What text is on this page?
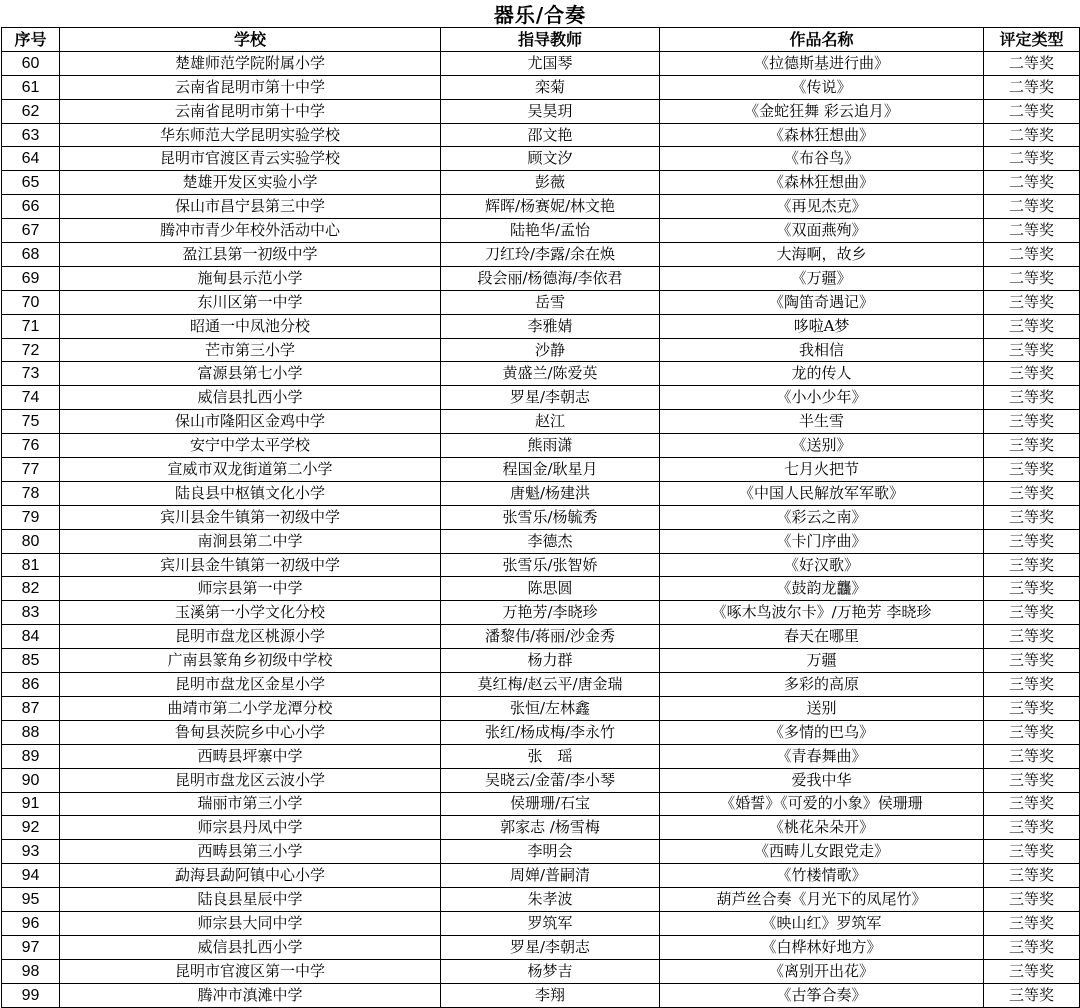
器乐/合奏
序号	学校	指导教师	作品名称	评定类型
60	楚雄师范学院附属小学	尤国琴	《拉德斯基进行曲》	二等奖
61	云南省昆明市第十中学	栾菊	《传说》	二等奖
62	云南省昆明市第十中学	吴昊玥	《金蛇狂舞 彩云追月》	二等奖
63	华东师范大学昆明实验学校	邵文艳	《森林狂想曲》	二等奖
64	昆明市官渡区青云实验学校	顾文汐	《布谷鸟》	二等奖
65	楚雄开发区实验小学	彭薇	《森林狂想曲》	二等奖
66	保山市昌宁县第三中学	辉晖/杨赛妮/林文艳	《再见杰克》	二等奖
67	腾冲市青少年校外活动中心	陆艳华/孟怡	《双面燕殉》	二等奖
68	盈江县第一初级中学	刀红玲/李露/余在焕	大海啊，故乡	二等奖
69	施甸县示范小学	段会丽/杨德海/李依君	《万疆》	二等奖
70	东川区第一中学	岳雪	《陶笛奇遇记》	三等奖
71	昭通一中凤池分校	李雅婧	哆啦A梦	三等奖
72	芒市第三小学	沙静	我相信	三等奖
73	富源县第七小学	黄盛兰/陈爱英	龙的传人	三等奖
74	威信县扎西小学	罗星/李朝志	《小小少年》	三等奖
75	保山市隆阳区金鸡中学	赵江	半生雪	三等奖
76	安宁中学太平学校	熊雨潇	《送别》	三等奖
77	宣威市双龙街道第二小学	程国金/耿星月	七月火把节	三等奖
78	陆良县中枢镇文化小学	唐魁/杨建洪	《中国人民解放军军歌》	三等奖
79	宾川县金牛镇第一初级中学	张雪乐/杨毓秀	《彩云之南》	三等奖
80	南涧县第二中学	李德杰	《卡门序曲》	三等奖
81	宾川县金牛镇第一初级中学	张雪乐/张智娇	《好汉歌》	三等奖
82	师宗县第一中学	陈思圆	《鼓韵龙龘》	三等奖
83	玉溪第一小学文化分校	万艳芳/李晓珍	《啄木鸟波尔卡》/万艳芳 李晓珍	三等奖
84	昆明市盘龙区桃源小学	潘黎伟/蒋丽/沙金秀	春天在哪里	三等奖
85	广南县篆角乡初级中学校	杨力群	万疆	三等奖
86	昆明市盘龙区金星小学	莫红梅/赵云平/唐金瑞	多彩的高原	三等奖
87	曲靖市第二小学龙潭分校	张恒/左林鑫	送别	三等奖
88	鲁甸县茨院乡中心小学	张红/杨成梅/李永竹	《多情的巴乌》	三等奖
89	西畴县坪寨中学	张　瑶	《青春舞曲》	三等奖
90	昆明市盘龙区云波小学	吴晓云/金蕾/李小琴	爱我中华	三等奖
91	瑞丽市第三小学	侯珊珊/石宝	《婚誓》《可爱的小象》侯珊珊	三等奖
92	师宗县丹凤中学	郭家志 /杨雪梅	《桃花朵朵开》	三等奖
93	西畴县第三小学	李明会	《西畴儿女跟党走》	三等奖
94	勐海县勐阿镇中心小学	周婵/普嗣清	《竹楼情歌》	三等奖
95	陆良县星辰中学	朱孝波	葫芦丝合奏《月光下的凤尾竹》	三等奖
96	师宗县大同中学	罗筑军	《映山红》罗筑军	三等奖
97	威信县扎西小学	罗星/李朝志	《白桦林好地方》	三等奖
98	昆明市官渡区第一中学	杨梦吉	《离别开出花》	三等奖
99	腾冲市滇滩中学	李翔	《古筝合奏》	三等奖
